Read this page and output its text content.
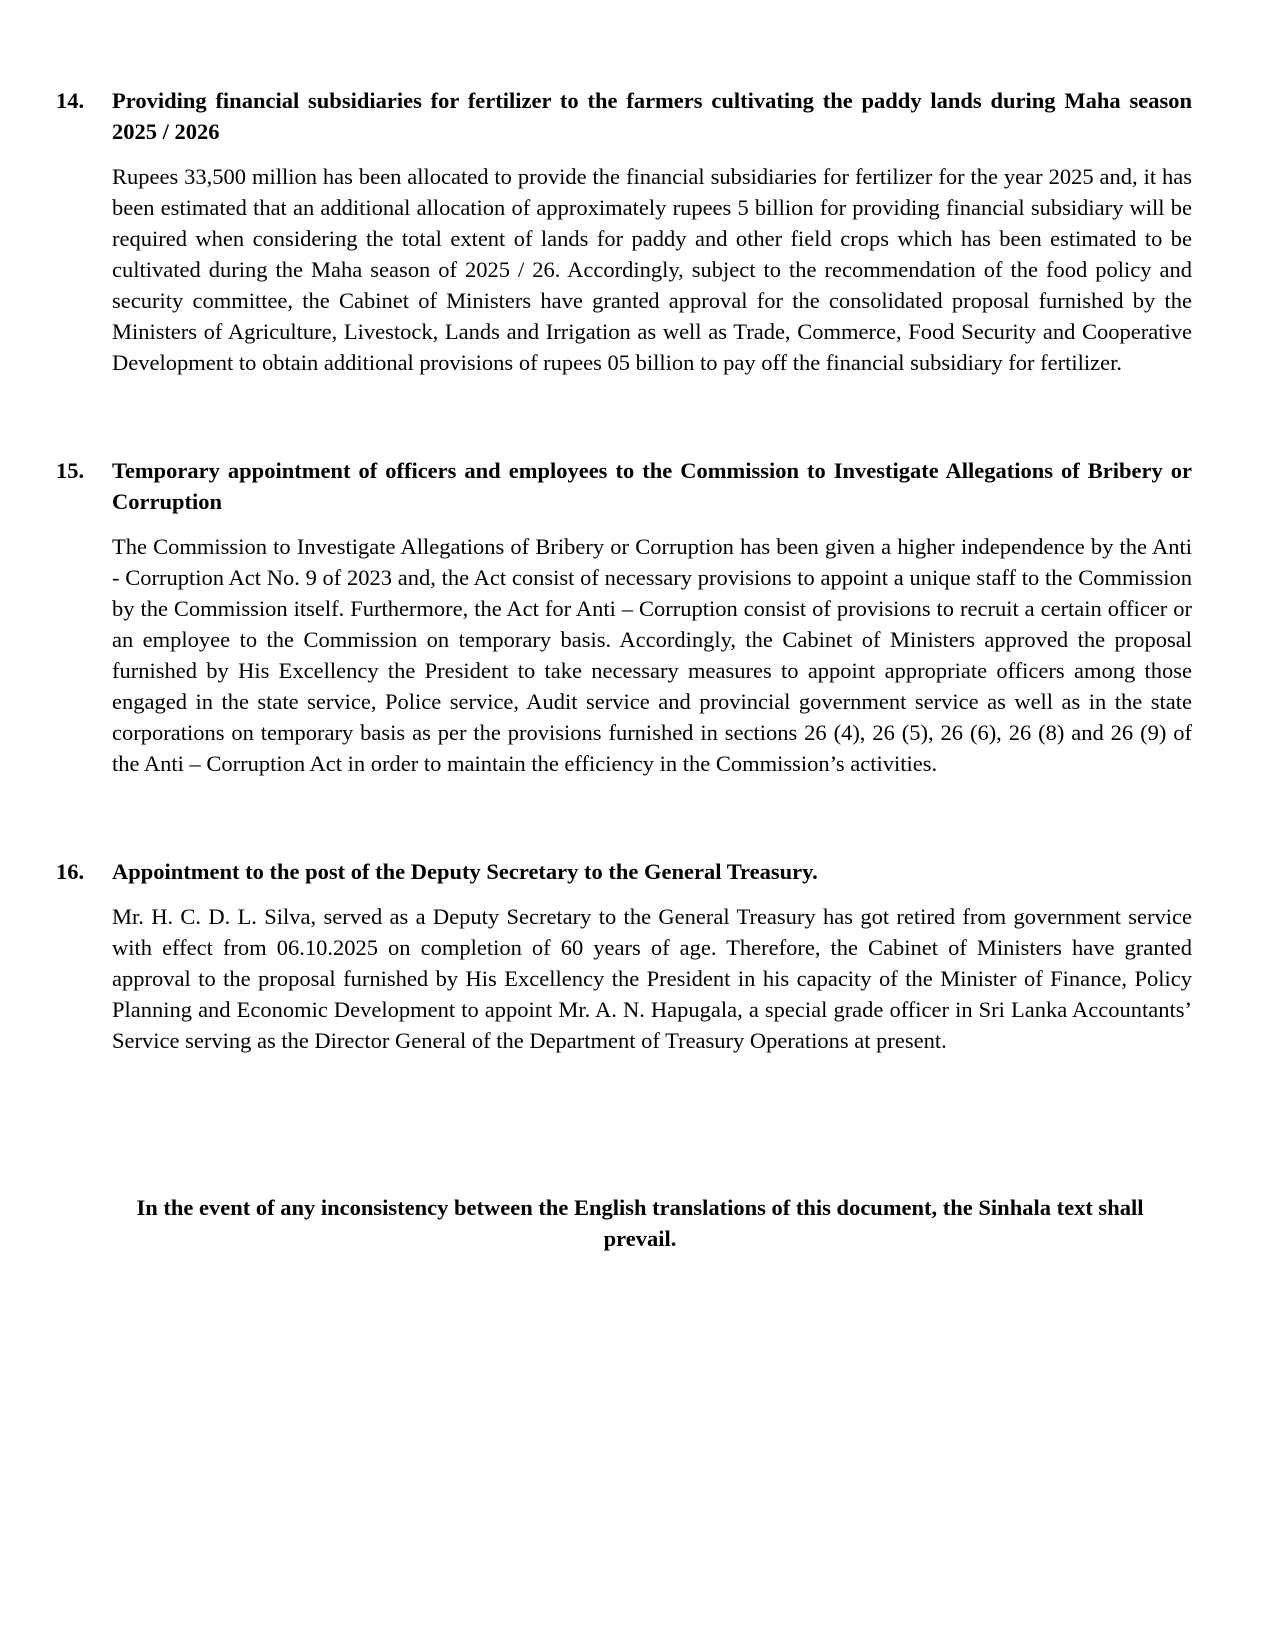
14.	Providing financial subsidiaries for fertilizer to the farmers cultivating the paddy lands during Maha season 2025 / 2026
Rupees 33,500 million has been allocated to provide the financial subsidiaries for fertilizer for the year 2025 and, it has been estimated that an additional allocation of approximately rupees 5 billion for providing financial subsidiary will be required when considering the total extent of lands for paddy and other field crops which has been estimated to be cultivated during the Maha season of 2025 / 26. Accordingly, subject to the recommendation of the food policy and security committee, the Cabinet of Ministers have granted approval for the consolidated proposal furnished by the Ministers of Agriculture, Livestock, Lands and Irrigation as well as Trade, Commerce, Food Security and Cooperative Development to obtain additional provisions of rupees 05 billion to pay off the financial subsidiary for fertilizer.
15.	Temporary appointment of officers and employees to the Commission to Investigate Allegations of Bribery or Corruption
The Commission to Investigate Allegations of Bribery or Corruption has been given a higher independence by the Anti - Corruption Act No. 9 of 2023 and, the Act consist of necessary provisions to appoint a unique staff to the Commission by the Commission itself. Furthermore, the Act for Anti – Corruption consist of provisions to recruit a certain officer or an employee to the Commission on temporary basis. Accordingly, the Cabinet of Ministers approved the proposal furnished by His Excellency the President to take necessary measures to appoint appropriate officers among those engaged in the state service, Police service, Audit service and provincial government service as well as in the state corporations on temporary basis as per the provisions furnished in sections 26 (4), 26 (5), 26 (6), 26 (8) and 26 (9) of the Anti – Corruption Act in order to maintain the efficiency in the Commission’s activities.
16.	Appointment to the post of the Deputy Secretary to the General Treasury.
Mr. H. C. D. L. Silva, served as a Deputy Secretary to the General Treasury has got retired from government service with effect from 06.10.2025 on completion of 60 years of age. Therefore, the Cabinet of Ministers have granted approval to the proposal furnished by His Excellency the President in his capacity of the Minister of Finance, Policy Planning and Economic Development to appoint Mr. A. N. Hapugala, a special grade officer in Sri Lanka Accountants’ Service serving as the Director General of the Department of Treasury Operations at present.
In the event of any inconsistency between the English translations of this document, the Sinhala text shall prevail.
